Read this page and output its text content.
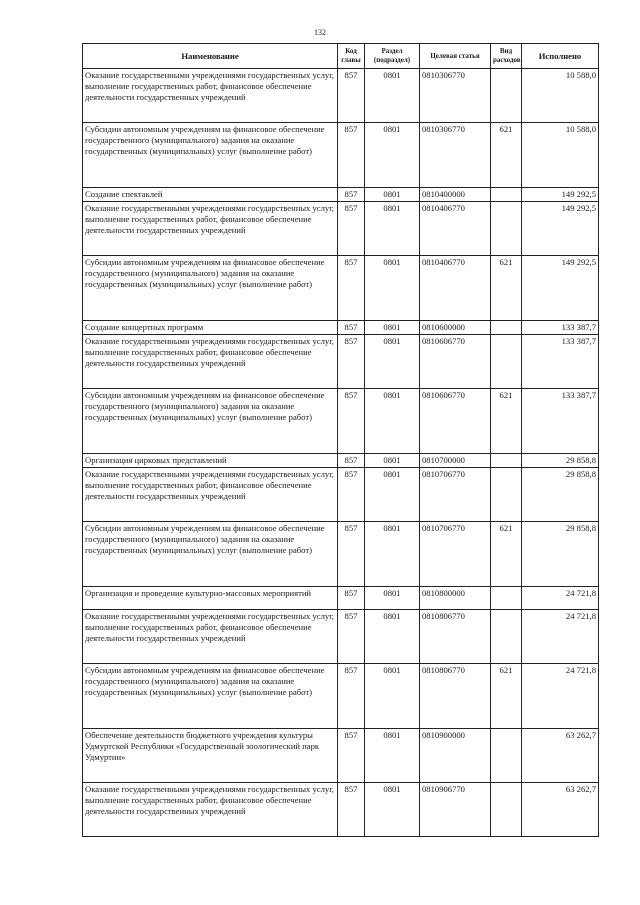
132
Наименование	Код главы	Раздел (подраздел)	Целевая статья	Вид расходов	Исполнено
Оказание государственными учреждениями государственных услуг, выполнение государственных работ, финансовое обеспечение деятельности государственных учреждений	857	0801	0810306770		10 588,0
Субсидии автономным учреждениям на финансовое обеспечение государственного (муниципального) задания на оказание государственных (муниципальных) услуг (выполнение работ)	857	0801	0810306770	621	10 588,0
Создание спектаклей	857	0801	0810400000		149 292,5
Оказание государственными учреждениями государственных услуг, выполнение государственных работ, финансовое обеспечение деятельности государственных учреждений	857	0801	0810406770		149 292,5
Субсидии автономным учреждениям на финансовое обеспечение государственного (муниципального) задания на оказание государственных (муниципальных) услуг (выполнение работ)	857	0801	0810406770	621	149 292,5
Создание концертных программ	857	0801	0810600000		133 387,7
Оказание государственными учреждениями государственных услуг, выполнение государственных работ, финансовое обеспечение деятельности государственных учреждений	857	0801	0810606770		133 387,7
Субсидии автономным учреждениям на финансовое обеспечение государственного (муниципального) задания на оказание государственных (муниципальных) услуг (выполнение работ)	857	0801	0810606770	621	133 387,7
Организация цирковых представлений	857	0801	0810700000		29 858,8
Оказание государственными учреждениями государственных услуг, выполнение государственных работ, финансовое обеспечение деятельности государственных учреждений	857	0801	0810706770		29 858,8
Субсидии автономным учреждениям на финансовое обеспечение государственного (муниципального) задания на оказание государственных (муниципальных) услуг (выполнение работ)	857	0801	0810706770	621	29 858,8
Организация и проведение культурно-массовых мероприятий	857	0801	0810800000		24 721,8
Оказание государственными учреждениями государственных услуг, выполнение государственных работ, финансовое обеспечение деятельности государственных учреждений	857	0801	0810806770		24 721,8
Субсидии автономным учреждениям на финансовое обеспечение государственного (муниципального) задания на оказание государственных (муниципальных) услуг (выполнение работ)	857	0801	0810806770	621	24 721,8
Обеспечение деятельности бюджетного учреждения культуры Удмуртской Республики «Государственный зоологический парк Удмуртии»	857	0801	0810900000		63 262,7
Оказание государственными учреждениями государственных услуг, выполнение государственных работ, финансовое обеспечение деятельности государственных учреждений	857	0801	0810906770		63 262,7
